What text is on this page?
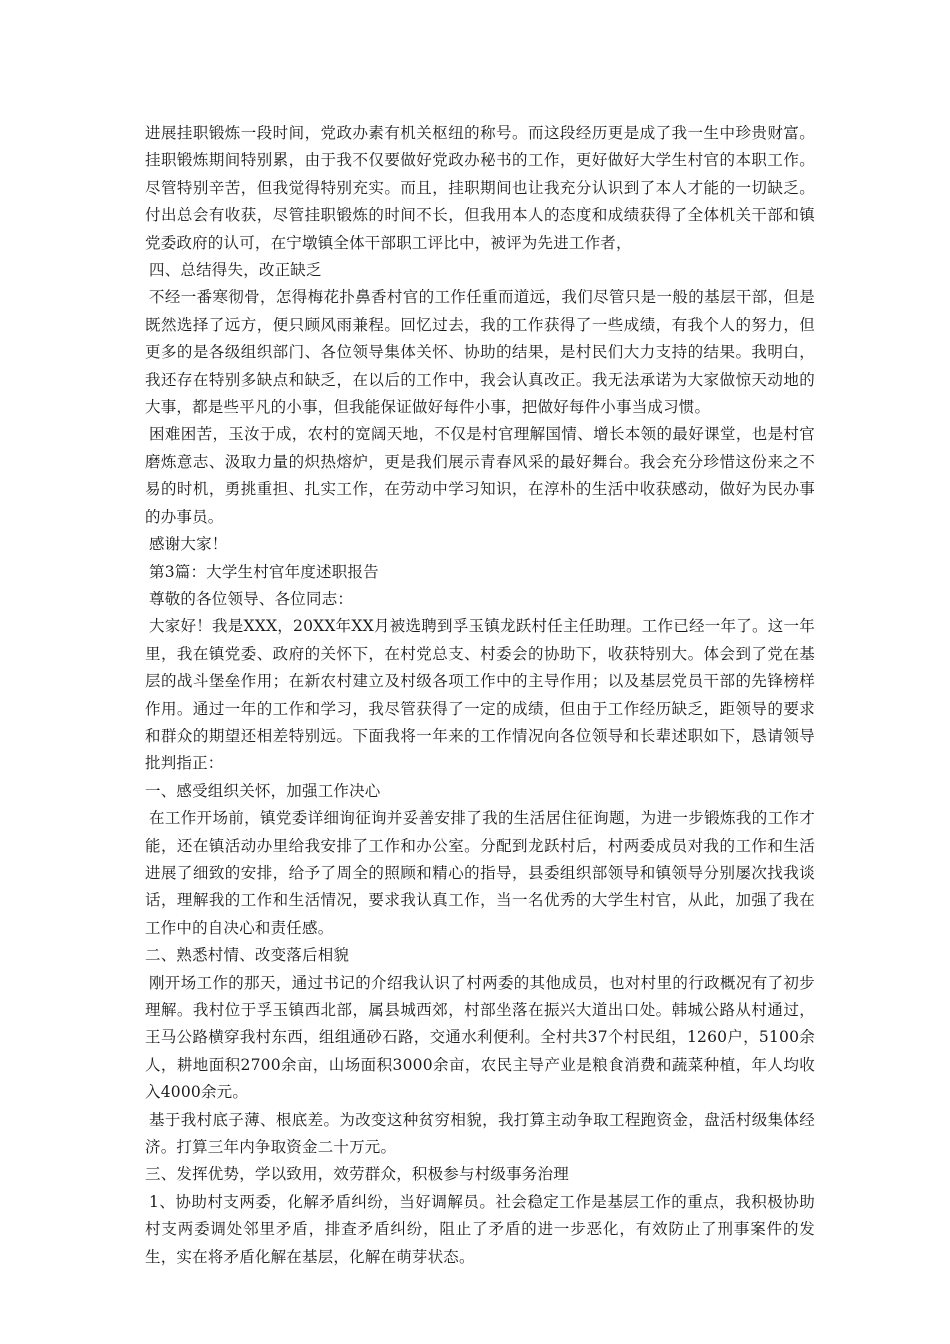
进展挂职锻炼一段时间，党政办素有机关枢纽的称号。而这段经历更是成了我一生中珍贵财富。挂职锻炼期间特别累，由于我不仅要做好党政办秘书的工作，更好做好大学生村官的本职工作。尽管特别辛苦，但我觉得特别充实。而且，挂职期间也让我充分认识到了本人才能的一切缺乏。付出总会有收获，尽管挂职锻炼的时间不长，但我用本人的态度和成绩获得了全体机关干部和镇党委政府的认可，在宁墩镇全体干部职工评比中，被评为先进工作者，

四、总结得失，改正缺乏

不经一番寒彻骨，怎得梅花扑鼻香村官的工作任重而道远，我们尽管只是一般的基层干部，但是既然选择了远方，便只顾风雨兼程。回忆过去，我的工作获得了一些成绩，有我个人的努力，但更多的是各级组织部门、各位领导集体关怀、协助的结果，是村民们大力支持的结果。我明白，我还存在特别多缺点和缺乏，在以后的工作中，我会认真改正。我无法承诺为大家做惊天动地的大事，都是些平凡的小事，但我能保证做好每件小事，把做好每件小事当成习惯。

困难困苦，玉汝于成，农村的宽阔天地，不仅是村官理解国情、增长本领的最好课堂，也是村官磨炼意志、汲取力量的炽热熔炉，更是我们展示青春风采的最好舞台。我会充分珍惜这份来之不易的时机，勇挑重担、扎实工作，在劳动中学习知识，在淳朴的生活中收获感动，做好为民办事的办事员。

感谢大家！

第3篇：大学生村官年度述职报告

尊敬的各位领导、各位同志：

大家好！我是XXX，20XX年XX月被选聘到孚玉镇龙跃村任主任助理。工作已经一年了。这一年里，我在镇党委、政府的关怀下，在村党总支、村委会的协助下，收获特别大。体会到了党在基层的战斗堡垒作用；在新农村建立及村级各项工作中的主导作用；以及基层党员干部的先锋榜样作用。通过一年的工作和学习，我尽管获得了一定的成绩，但由于工作经历缺乏，距领导的要求和群众的期望还相差特别远。下面我将一年来的工作情况向各位领导和长辈述职如下，恳请领导批判指正：

一、感受组织关怀，加强工作决心

在工作开场前，镇党委详细询征询并妥善安排了我的生活居住征询题，为进一步锻炼我的工作才能，还在镇活动办里给我安排了工作和办公室。分配到龙跃村后，村两委成员对我的工作和生活进展了细致的安排，给予了周全的照顾和精心的指导，县委组织部领导和镇领导分别屡次找我谈话，理解我的工作和生活情况，要求我认真工作，当一名优秀的大学生村官，从此，加强了我在工作中的自决心和责任感。

二、熟悉村情、改变落后相貌

刚开场工作的那天，通过书记的介绍我认识了村两委的其他成员，也对村里的行政概况有了初步理解。我村位于孚玉镇西北部，属县城西郊，村部坐落在振兴大道出口处。韩城公路从村通过，王马公路横穿我村东西，组组通砂石路，交通水利便利。全村共37个村民组，1260户，5100余人，耕地面积2700余亩，山场面积3000余亩，农民主导产业是粮食消费和蔬菜种植，年人均收入4000余元。

基于我村底子薄、根底差。为改变这种贫穷相貌，我打算主动争取工程跑资金，盘活村级集体经济。打算三年内争取资金二十万元。

三、发挥优势，学以致用，效劳群众，积极参与村级事务治理

1、协助村支两委，化解矛盾纠纷，当好调解员。社会稳定工作是基层工作的重点，我积极协助村支两委调处邻里矛盾，排查矛盾纠纷，阻止了矛盾的进一步恶化，有效防止了刑事案件的发生，实在将矛盾化解在基层，化解在萌芽状态。
